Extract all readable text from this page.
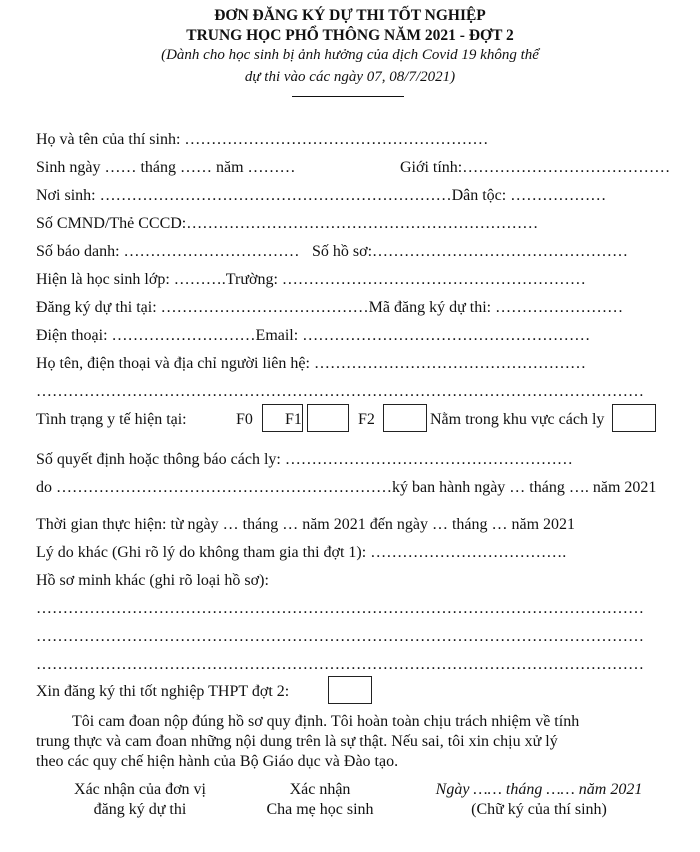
ĐƠN ĐĂNG KÝ DỰ THI TỐT NGHIỆP
TRUNG HỌC PHỔ THÔNG NĂM 2021 - ĐỢT 2
(Dành cho học sinh bị ảnh hưởng của dịch Covid 19 không thể
dự thi vào các ngày 07, 08/7/2021)
Họ và tên của thí sinh: …………………………………………………
Sinh ngày …… tháng …… năm ………	Giới tính:…………………………………
Nơi sinh: …………………………………………………………Dân tộc: ………………
Số CMND/Thẻ CCCD:…………………………………………………………
Số báo danh: …………………………… Số hồ sơ:…………………………………………
Hiện là học sinh lớp: ……….Trường: …………………………………………………
Đăng ký dự thi tại: …………………………………Mã đăng ký dự thi: ……………………
Điện thoại: ………………………Email: ………………………………………………
Họ tên, điện thoại và địa chỉ người liên hệ: ……………………………………………
……………………………………………………………………………………………………
Tình trạng y tế hiện tại:	F0 F1	F2	Nằm trong khu vực cách ly
Số quyết định hoặc thông báo cách ly: ………………………………………………
do ………………………………………………………ký ban hành ngày … tháng …. năm 2021
Thời gian thực hiện: từ ngày … tháng … năm 2021 đến ngày … tháng … năm 2021
Lý do khác (Ghi rõ lý do không tham gia thi đợt 1): ……………………………….
Hồ sơ minh khác (ghi rõ loại hồ sơ):
……………………………………………………………………………………………………
……………………………………………………………………………………………………
……………………………………………………………………………………………………
Xin đăng ký thi tốt nghiệp THPT đợt 2:
Tôi cam đoan nộp đúng hồ sơ quy định. Tôi hoàn toàn chịu trách nhiệm về tính
trung thực và cam đoan những nội dung trên là sự thật. Nếu sai, tôi xin chịu xử lý
theo các quy chế hiện hành của Bộ Giáo dục và Đào tạo.
Xác nhận của đơn vị
đăng ký dự thi
Xác nhận
Cha mẹ học sinh
Ngày …… tháng …… năm 2021
(Chữ ký của thí sinh)
